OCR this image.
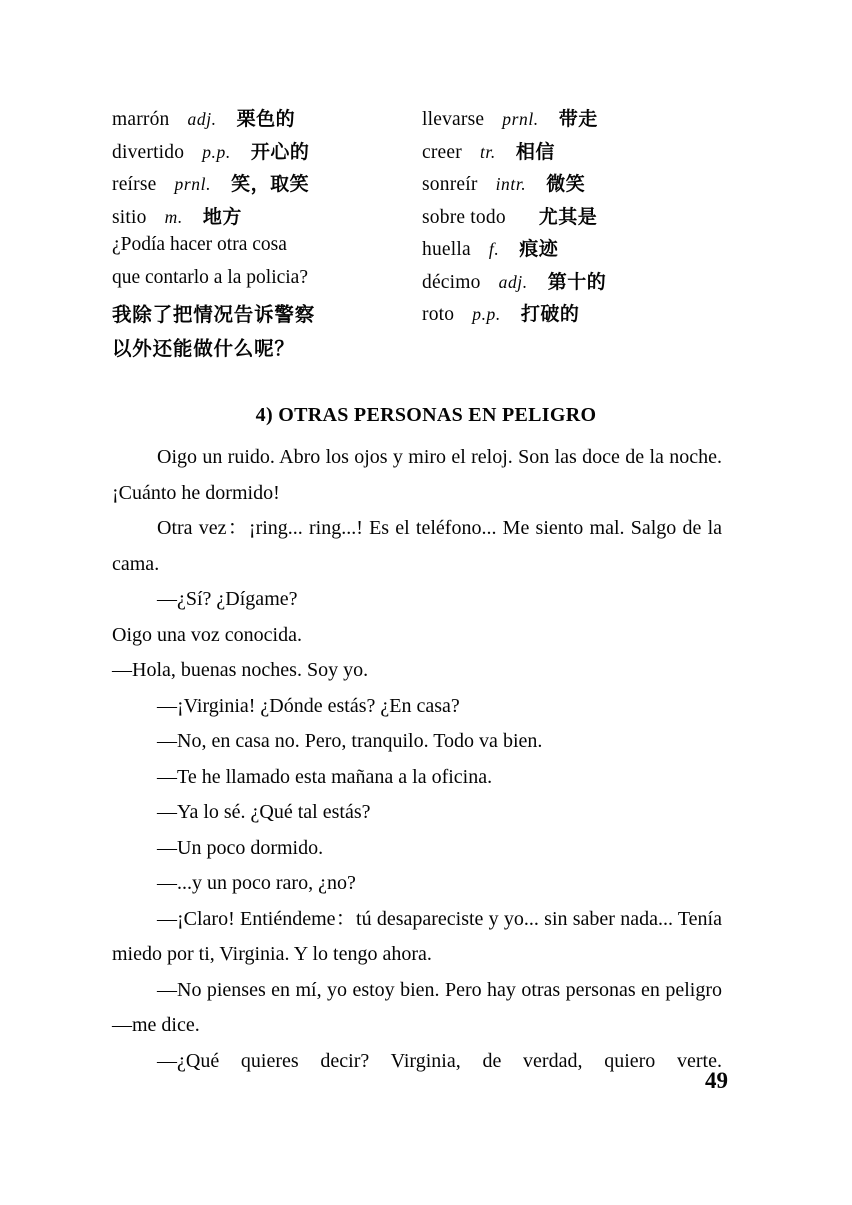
marrón adj. 栗色的
divertido p.p. 开心的
reírse prnl. 笑，取笑
sitio m. 地方
¿Podía hacer otra cosa
que contarlo a la policia?
我除了把情况告诉警察
以外还能做什么呢？
llevarse prnl. 带走
creer tr. 相信
sonreír intr. 微笑
sobre todo 尤其是
huella f. 痕迹
décimo adj. 第十的
roto p.p. 打破的
4) OTRAS PERSONAS EN PELIGRO

Oigo un ruido. Abro los ojos y miro el reloj. Son las doce de la noche. ¡Cuánto he dormido!

Otra vez：¡ring... ring...! Es el teléfono... Me siento mal. Salgo de la cama.

—¿Sí? ¿Dígame?

Oigo una voz conocida.

—Hola, buenas noches. Soy yo.

—¡Virginia! ¿Dónde estás? ¿En casa?

—No, en casa no. Pero, tranquilo. Todo va bien.

—Te he llamado esta mañana a la oficina.

—Ya lo sé. ¿Qué tal estás?

—Un poco dormido.

—...y un poco raro, ¿no?

—¡Claro! Entiéndeme：tú desapareciste y yo... sin saber nada... Tenía miedo por ti, Virginia. Y lo tengo ahora.

—No pienses en mí, yo estoy bien. Pero hay otras personas en peligro —me dice.

—¿Qué quieres decir? Virginia, de verdad, quiero verte.

49
